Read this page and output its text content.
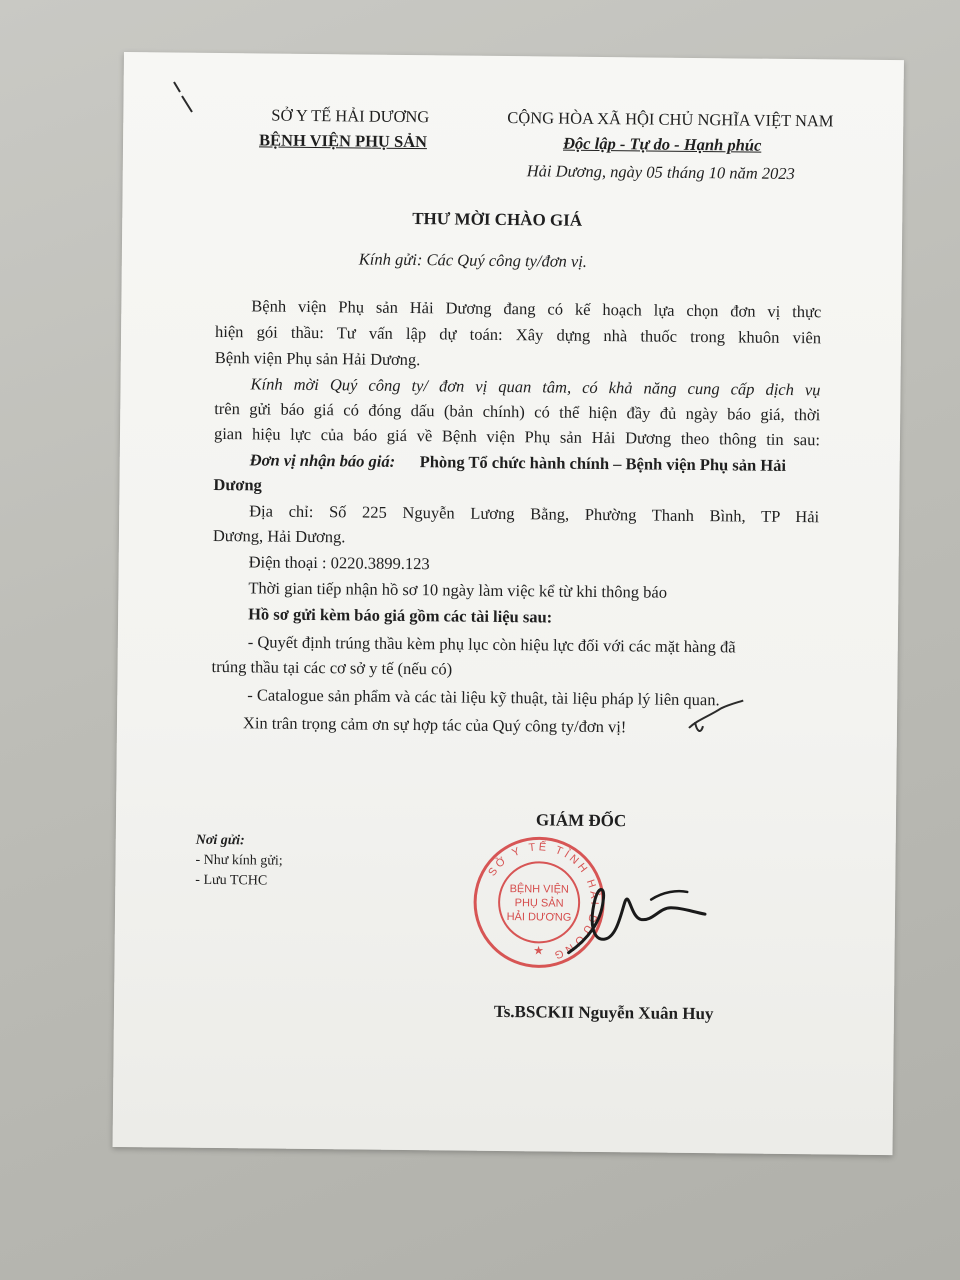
SỞ Y TẾ HẢI DƯƠNG
BỆNH VIỆN PHỤ SẢN
CỘNG HÒA XÃ HỘI CHỦ NGHĨA VIỆT NAM
Độc lập - Tự do - Hạnh phúc
Hải Dương, ngày 05 tháng 10 năm 2023
THƯ MỜI CHÀO GIÁ
Kính gửi: Các Quý công ty/đơn vị.
Bệnh viện Phụ sản Hải Dương đang có kế hoạch lựa chọn đơn vị thực
hiện gói thầu: Tư vấn lập dự toán: Xây dựng nhà thuốc trong khuôn viên
Bệnh viện Phụ sản Hải Dương.
Kính mời Quý công ty/ đơn vị quan tâm, có khả năng cung cấp dịch vụ
trên gửi báo giá có đóng dấu (bản chính) có thể hiện đầy đủ ngày báo giá, thời
gian hiệu lực của báo giá về Bệnh viện Phụ sản Hải Dương theo thông tin sau:
Đơn vị nhận báo giá: Phòng Tổ chức hành chính – Bệnh viện Phụ sản Hải
Dương
Địa chỉ: Số 225 Nguyễn Lương Bằng, Phường Thanh Bình, TP Hải
Dương, Hải Dương.
Điện thoại : 0220.3899.123
Thời gian tiếp nhận hồ sơ 10 ngày làm việc kể từ khi thông báo
Hồ sơ gửi kèm báo giá gồm các tài liệu sau:
- Quyết định trúng thầu kèm phụ lục còn hiệu lực đối với các mặt hàng đã
trúng thầu tại các cơ sở y tế (nếu có)
- Catalogue sản phẩm và các tài liệu kỹ thuật, tài liệu pháp lý liên quan.
Xin trân trọng cảm ơn sự hợp tác của Quý công ty/đơn vị!
GIÁM ĐỐC
Nơi gửi:
- Như kính gửi;
- Lưu TCHC
SỞ Y TẾ TỈNH HẢI DƯƠNG
BỆNH VIỆN
PHỤ SẢN
HẢI DƯƠNG
★
Ts.BSCKII Nguyễn Xuân Huy
